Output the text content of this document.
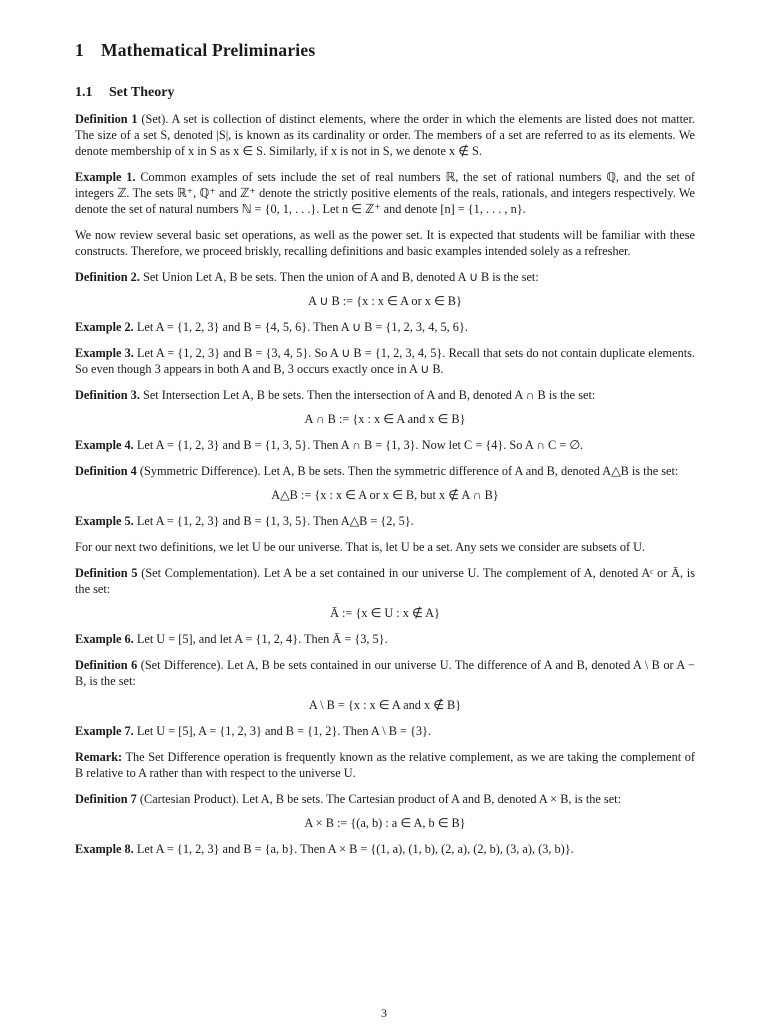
1 Mathematical Preliminaries
1.1 Set Theory

Definition 1 (Set). A set is collection of distinct elements, where the order in which the elements are listed does not matter. The size of a set S, denoted |S|, is known as its cardinality or order. The members of a set are referred to as its elements. We denote membership of x in S as x ∈ S. Similarly, if x is not in S, we denote x ∉ S.

Example 1. Common examples of sets include the set of real numbers ℝ, the set of rational numbers ℚ, and the set of integers ℤ. The sets ℝ⁺, ℚ⁺ and ℤ⁺ denote the strictly positive elements of the reals, rationals, and integers respectively. We denote the set of natural numbers ℕ = {0, 1, . . .}. Let n ∈ ℤ⁺ and denote [n] = {1, . . . , n}.

We now review several basic set operations, as well as the power set. It is expected that students will be familiar with these constructs. Therefore, we proceed briskly, recalling definitions and basic examples intended solely as a refresher.

Definition 2. Set Union Let A, B be sets. Then the union of A and B, denoted A ∪ B is the set:

A ∪ B := {x : x ∈ A or x ∈ B}

Example 2. Let A = {1, 2, 3} and B = {4, 5, 6}. Then A ∪ B = {1, 2, 3, 4, 5, 6}.

Example 3. Let A = {1, 2, 3} and B = {3, 4, 5}. So A ∪ B = {1, 2, 3, 4, 5}. Recall that sets do not contain duplicate elements. So even though 3 appears in both A and B, 3 occurs exactly once in A ∪ B.

Definition 3. Set Intersection Let A, B be sets. Then the intersection of A and B, denoted A ∩ B is the set:

A ∩ B := {x : x ∈ A and x ∈ B}

Example 4. Let A = {1, 2, 3} and B = {1, 3, 5}. Then A ∩ B = {1, 3}. Now let C = {4}. So A ∩ C = ∅.

Definition 4 (Symmetric Difference). Let A, B be sets. Then the symmetric difference of A and B, denoted A△B is the set:

A△B := {x : x ∈ A or x ∈ B, but x ∉ A ∩ B}

Example 5. Let A = {1, 2, 3} and B = {1, 3, 5}. Then A△B = {2, 5}.

For our next two definitions, we let U be our universe. That is, let U be a set. Any sets we consider are subsets of U.

Definition 5 (Set Complementation). Let A be a set contained in our universe U. The complement of A, denoted Aᶜ or Ā, is the set:

Ā := {x ∈ U : x ∉ A}

Example 6. Let U = [5], and let A = {1, 2, 4}. Then Ā = {3, 5}.

Definition 6 (Set Difference). Let A, B be sets contained in our universe U. The difference of A and B, denoted A \ B or A − B, is the set:

A \ B = {x : x ∈ A and x ∉ B}

Example 7. Let U = [5], A = {1, 2, 3} and B = {1, 2}. Then A \ B = {3}.

Remark: The Set Difference operation is frequently known as the relative complement, as we are taking the complement of B relative to A rather than with respect to the universe U.

Definition 7 (Cartesian Product). Let A, B be sets. The Cartesian product of A and B, denoted A × B, is the set:

A × B := {(a, b) : a ∈ A, b ∈ B}

Example 8. Let A = {1, 2, 3} and B = {a, b}. Then A × B = {(1, a), (1, b), (2, a), (2, b), (3, a), (3, b)}.

3
